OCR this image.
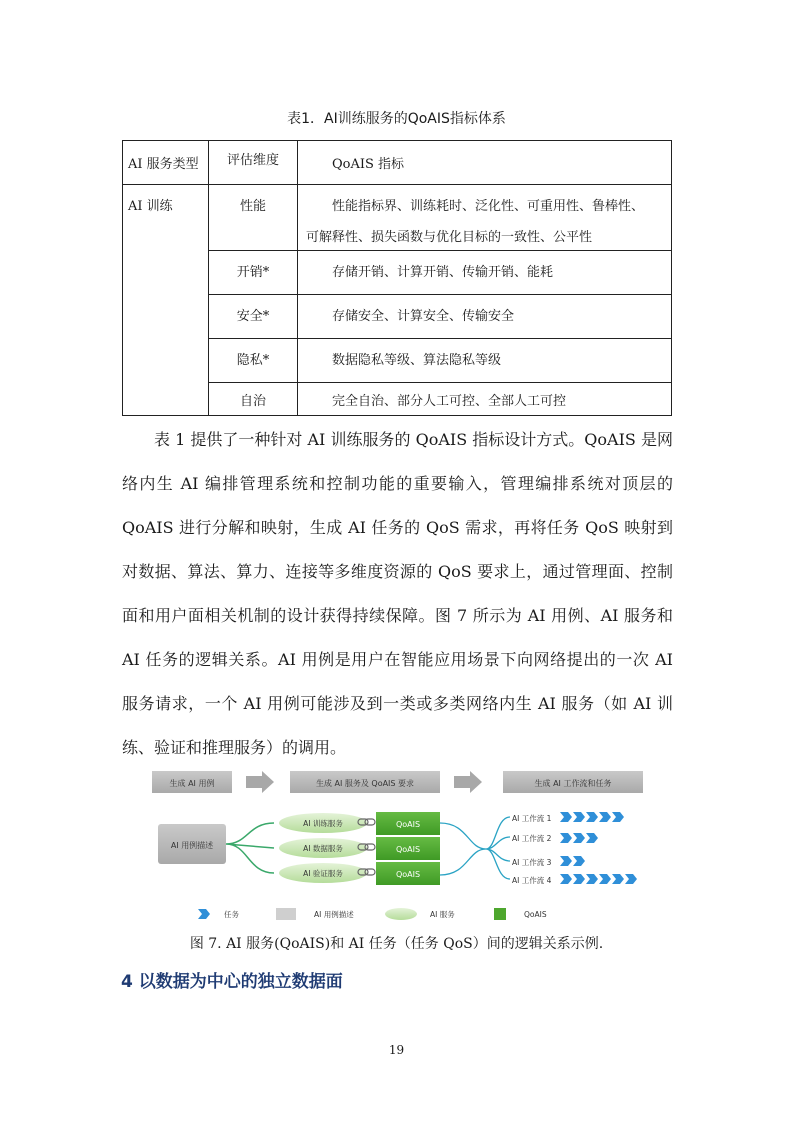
表1．AI训练服务的QoAIS指标体系
AI 服务类型	评估维度	QoAIS 指标

AI 训练	性能	性能指标界、训练耗时、泛化性、可重用性、鲁棒性、
可解释性、损失函数与优化目标的一致性、公平性

	开销*	存储开销、计算开销、传输开销、能耗

	安全*	存储安全、计算安全、传输安全

	隐私*	数据隐私等级、算法隐私等级

	自治	完全自治、部分人工可控、全部人工可控

表 1 提供了一种针对 AI 训练服务的 QoAIS 指标设计方式。QoAIS 是网络内生 AI 编排管理系统和控制功能的重要输入，管理编排系统对顶层的 QoAIS 进行分解和映射，生成 AI 任务的 QoS 需求，再将任务 QoS 映射到对数据、算法、算力、连接等多维度资源的 QoS 要求上，通过管理面、控制面和用户面相关机制的设计获得持续保障。图 7 所示为 AI 用例、AI 服务和 AI 任务的逻辑关系。AI 用例是用户在智能应用场景下向网络提出的一次 AI 服务请求，一个 AI 用例可能涉及到一类或多类网络内生 AI 服务（如 AI 训练、验证和推理服务）的调用。

生成 AI 用例	生成 AI 服务及 QoAIS 要求	生成 AI 工作流和任务
AI 用例描述
AI 训练服务
AI 数据服务
AI 验证服务
QoAIS
QoAIS
QoAIS
AI 工作流 1
AI 工作流 2
AI 工作流 3
AI 工作流 4
任务	AI 用例描述	AI 服务	QoAIS
图 7. AI 服务(QoAIS)和 AI 任务（任务 QoS）间的逻辑关系示例.
4 以数据为中心的独立数据面
19
